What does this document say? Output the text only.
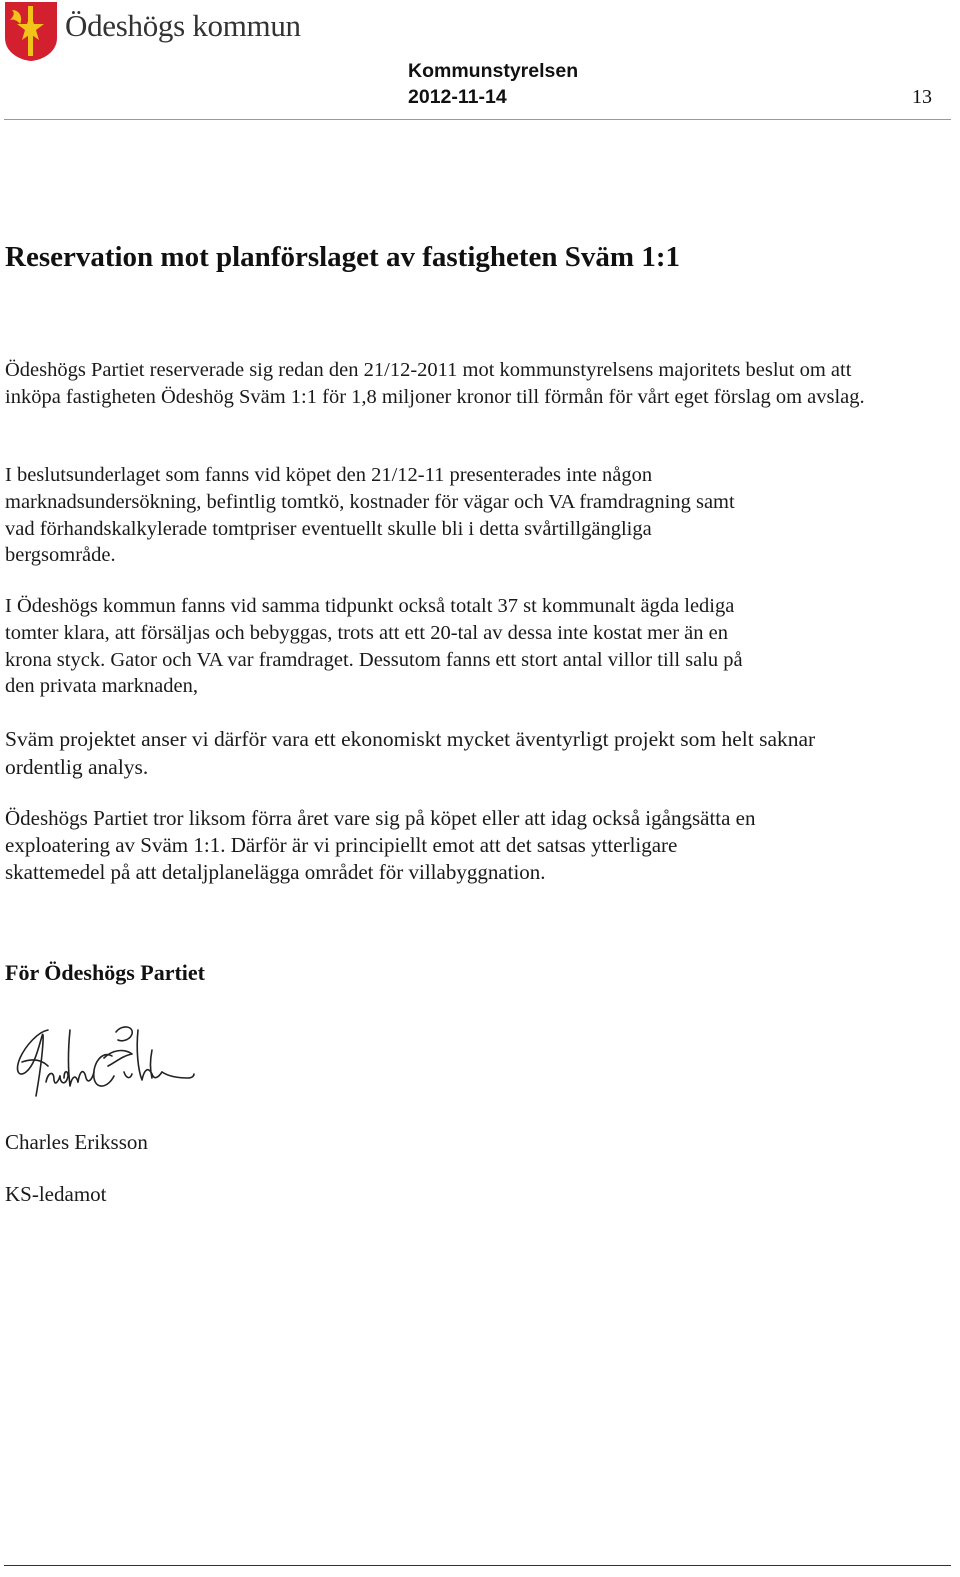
Ödeshögs kommun
Kommunstyrelsen
2012-11-14	13
Reservation mot planförslaget av fastigheten Sväm 1:1

Ödeshögs Partiet reserverade sig redan den 21/12-2011 mot kommunstyrelsens majoritets beslut om att inköpa fastigheten Ödeshög Sväm 1:1 för 1,8 miljoner kronor till förmån för vårt eget förslag om avslag.

I beslutsunderlaget som fanns vid köpet den 21/12-11 presenterades inte någon marknadsundersökning, befintlig tomtkö, kostnader för vägar och VA framdragning samt vad förhandskalkylerade tomtpriser eventuellt skulle bli i detta svårtillgängliga bergsområde.

I Ödeshögs kommun fanns vid samma tidpunkt också totalt 37 st kommunalt ägda lediga tomter klara, att försäljas och bebyggas, trots att ett 20-tal av dessa inte kostat mer än en krona styck. Gator och VA var framdraget. Dessutom fanns ett stort antal villor till salu på den privata marknaden,

Sväm projektet anser vi därför vara ett ekonomiskt mycket äventyrligt projekt som helt saknar ordentlig analys.

Ödeshögs Partiet tror liksom förra året vare sig på köpet eller att idag också igångsätta en exploatering av Sväm 1:1. Därför är vi principiellt emot att det satsas ytterligare skattemedel på att detaljplanelägga området för villabyggnation.

För Ödeshögs Partiet

Charles Eriksson

KS-ledamot
